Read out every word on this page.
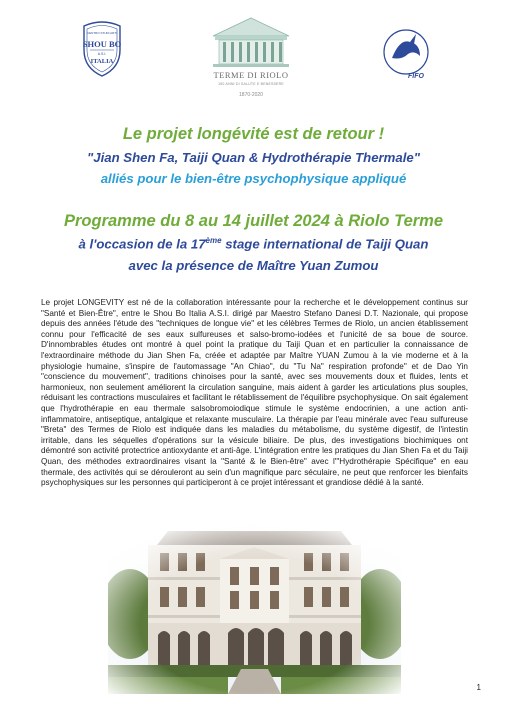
CENTRO STUDI ARTI
SHOU BO
A.S.I.
ITALIA
TERME DI RIOLO
150 ANNI DI SALUTE E BENESSERE
1870-2020
FIFO
Le projet longévité est de retour !
"Jian Shen Fa, Taiji Quan & Hydrothérapie Thermale"
alliés pour le bien-être psychophysique appliqué
Programme du 8 au 14 juillet 2024 à Riolo Terme
à l'occasion de la 17ème stage international de Taiji Quan
avec la présence de Maître Yuan Zumou
Le projet LONGEVITY est né de la collaboration intéressante pour la recherche et le développement continus sur "Santé et Bien-Être", entre le Shou Bo Italia A.S.I. dirigé par Maestro Stefano Danesi D.T. Nazionale, qui propose depuis des années l'étude des "techniques de longue vie" et les célèbres Termes de Riolo, un ancien établissement connu pour l'efficacité de ses eaux sulfureuses et salso-bromo-iodées et l'unicité de sa boue de source. D'innombrables études ont montré à quel point la pratique du Taiji Quan et en particulier la connaissance de l'extraordinaire méthode du Jian Shen Fa, créée et adaptée par Maître YUAN Zumou à la vie moderne et à la physiologie humaine, s'inspire de l'automassage "An Chiao", du "Tu Na" respiration profonde" et de Dao Yin "conscience du mouvement", traditions chinoises pour la santé, avec ses mouvements doux et fluides, lents et harmonieux, non seulement améliorent la circulation sanguine, mais aident à garder les articulations plus souples, réduisant les contractions musculaires et facilitant le rétablissement de l'équilibre psychophysique. On sait également que l'hydrothérapie en eau thermale salsobromoiodique stimule le système endocrinien, a une action anti-inflammatoire, antiseptique, antalgique et relaxante musculaire. La thérapie par l'eau minérale avec l'eau sulfureuse "Breta" des Termes de Riolo est indiquée dans les maladies du métabolisme, du système digestif, de l'intestin irritable, dans les séquelles d'opérations sur la vésicule biliaire. De plus, des investigations biochimiques ont démontré son activité protectrice antioxydante et anti-âge. L'intégration entre les pratiques du Jian Shen Fa et du Taiji Quan, des méthodes extraordinaires visant la "Santé & le Bien-être" avec l'"Hydrothérapie Spécifique" en eau thermale, des activités qui se dérouleront au sein d'un magnifique parc séculaire, ne peut que renforcer les bienfaits psychophysiques sur les personnes qui participeront à ce projet intéressant et grandiose dédié à la santé.
1
